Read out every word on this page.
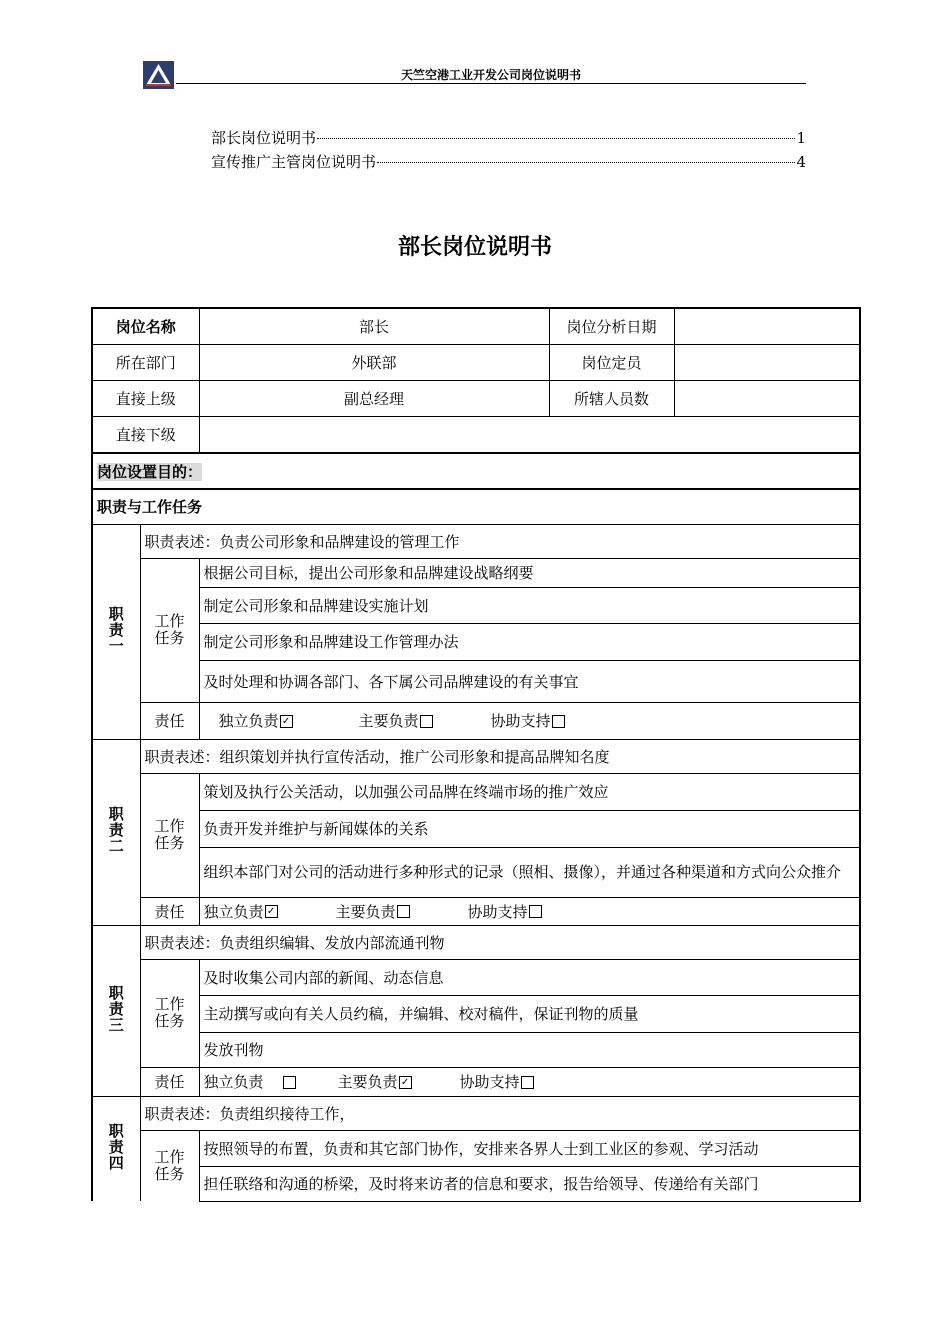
天竺空港工业开发公司岗位说明书
部长岗位说明书	1
宣传推广主管岗位说明书	4
部长岗位说明书
岗位名称		部长	岗位分析日期	
所在部门		外联部	岗位定员	
直接上级		副总经理	所辖人员数	
直接下级				
岗位设置目的：				
职责与工作任务				
职责一	职责表述：负责公司形象和品牌建设的管理工作			
	工作任务	根据公司目标，提出公司形象和品牌建设战略纲要		
		制定公司形象和品牌建设实施计划		
		制定公司形象和品牌建设工作管理办法		
		及时处理和协调各部门、各下属公司品牌建设的有关事宜		
	责任	独立负责 ✓ 主要负责 协助支持		
职责二	职责表述：组织策划并执行宣传活动，推广公司形象和提高品牌知名度			
	工作任务	策划及执行公关活动，以加强公司品牌在终端市场的推广效应		
		负责开发并维护与新闻媒体的关系		
		组织本部门对公司的活动进行多种形式的记录（照相、摄像），并通过各种渠道和方式向公众推介		
	责任	独立负责 ✓ 主要负责 协助支持		
职责三	职责表述：负责组织编辑、发放内部流通刊物			
	工作任务	及时收集公司内部的新闻、动态信息		
		主动撰写或向有关人员约稿，并编辑、校对稿件，保证刊物的质量		
		发放刊物		
	责任	独立负责 主要负责 ✓ 协助支持		
职责四	职责表述：负责组织接待工作，			
	工作任务	按照领导的布置，负责和其它部门协作，安排来各界人士到工业区的参观、学习活动		
		担任联络和沟通的桥梁，及时将来访者的信息和要求，报告给领导、传递给有关部门		
